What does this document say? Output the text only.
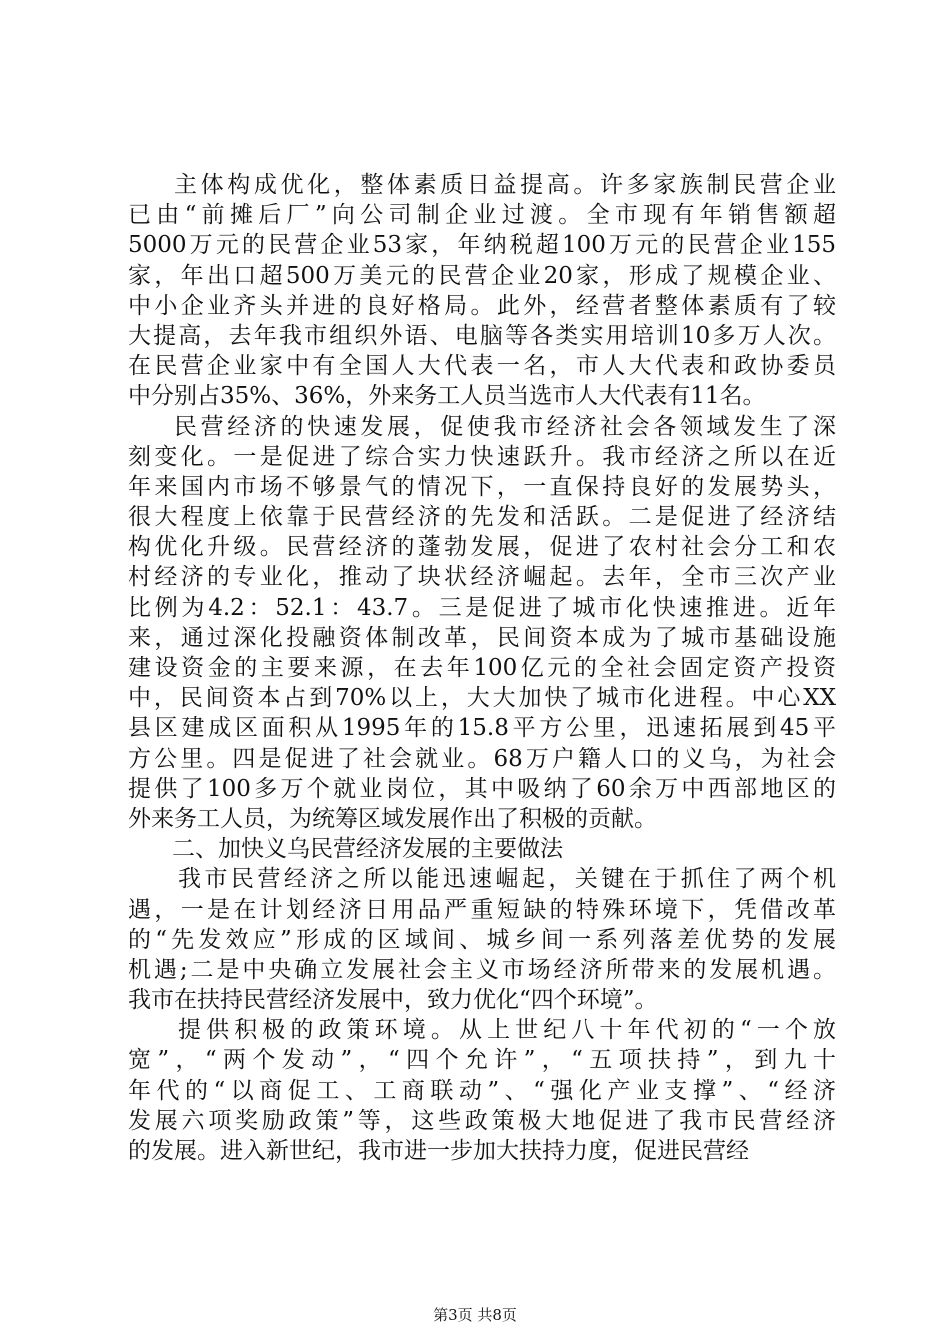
主体构成优化，整体素质日益提高。许多家族制民营企业
已由“前摊后厂”向公司制企业过渡。全市现有年销售额超
5000万元的民营企业53家，年纳税超100万元的民营企业155
家，年出口超500万美元的民营企业20家，形成了规模企业、
中小企业齐头并进的良好格局。此外，经营者整体素质有了较
大提高，去年我市组织外语、电脑等各类实用培训10多万人次。
在民营企业家中有全国人大代表一名，市人大代表和政协委员
中分别占35%、36%，外来务工人员当选市人大代表有11名。
民营经济的快速发展，促使我市经济社会各领域发生了深
刻变化。一是促进了综合实力快速跃升。我市经济之所以在近
年来国内市场不够景气的情况下，一直保持良好的发展势头，
很大程度上依靠于民营经济的先发和活跃。二是促进了经济结
构优化升级。民营经济的蓬勃发展，促进了农村社会分工和农
村经济的专业化，推动了块状经济崛起。去年，全市三次产业
比例为4.2：52.1：43.7。三是促进了城市化快速推进。近年
来，通过深化投融资体制改革，民间资本成为了城市基础设施
建设资金的主要来源，在去年100亿元的全社会固定资产投资
中，民间资本占到70%以上，大大加快了城市化进程。中心XX
县区建成区面积从1995年的15.8平方公里，迅速拓展到45平
方公里。四是促进了社会就业。68万户籍人口的义乌，为社会
提供了100多万个就业岗位，其中吸纳了60余万中西部地区的
外来务工人员，为统筹区域发展作出了积极的贡献。
二、加快义乌民营经济发展的主要做法
我市民营经济之所以能迅速崛起，关键在于抓住了两个机
遇，一是在计划经济日用品严重短缺的特殊环境下，凭借改革
的“先发效应”形成的区域间、城乡间一系列落差优势的发展
机遇;二是中央确立发展社会主义市场经济所带来的发展机遇。
我市在扶持民营经济发展中，致力优化“四个环境”。
提供积极的政策环境。从上世纪八十年代初的“一个放
宽”，“两个发动”，“四个允许”，“五项扶持”，到九十
年代的“以商促工、工商联动”、“强化产业支撑”、“经济
发展六项奖励政策”等，这些政策极大地促进了我市民营经济
的发展。进入新世纪，我市进一步加大扶持力度，促进民营经
第3页 共8页
